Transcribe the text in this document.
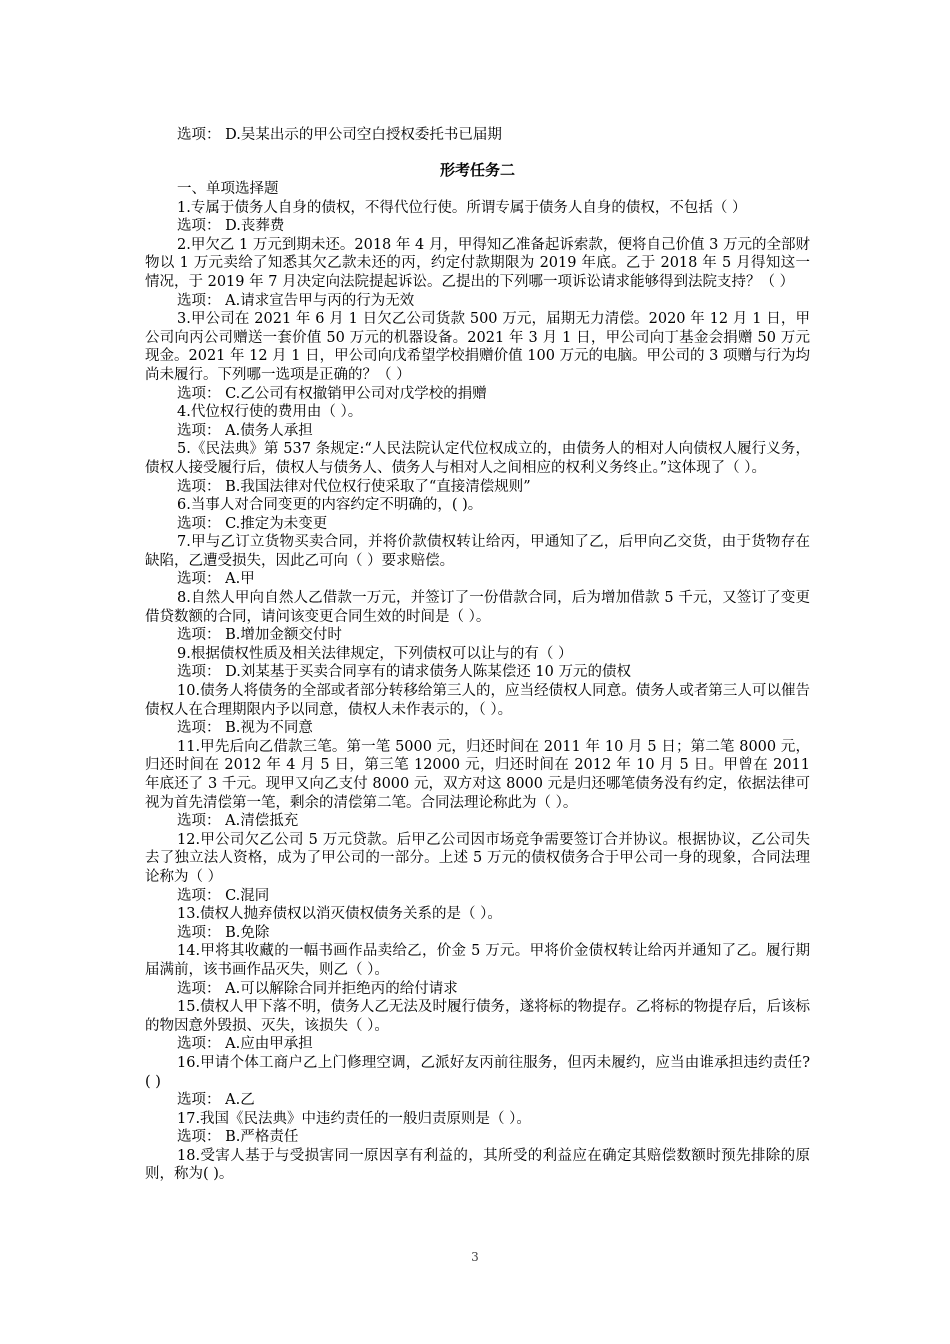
选项： D.吴某出示的甲公司空白授权委托书已届期

形考任务二

一、单项选择题

1.专属于债务人自身的债权，不得代位行使。所谓专属于债务人自身的债权，不包括（ ）

选项： D.丧葬费

2.甲欠乙 1 万元到期未还。2018 年 4 月，甲得知乙准备起诉索款，便将自己价值 3 万元的全部财物以 1 万元卖给了知悉其欠乙款未还的丙，约定付款期限为 2019 年底。乙于 2018 年 5 月得知这一情况，于 2019 年 7 月决定向法院提起诉讼。乙提出的下列哪一项诉讼请求能够得到法院支持？（ ）

选项： A.请求宣告甲与丙的行为无效

3.甲公司在 2021 年 6 月 1 日欠乙公司货款 500 万元，届期无力清偿。2020 年 12 月 1 日，甲公司向丙公司赠送一套价值 50 万元的机器设备。2021 年 3 月 1 日，甲公司向丁基金会捐赠 50 万元现金。2021 年 12 月 1 日，甲公司向戊希望学校捐赠价值 100 万元的电脑。甲公司的 3 项赠与行为均尚未履行。下列哪一选项是正确的？（ ）

选项： C.乙公司有权撤销甲公司对戊学校的捐赠

4.代位权行使的费用由（ ）。

选项： A.债务人承担

5.《民法典》第 537 条规定:“人民法院认定代位权成立的，由债务人的相对人向债权人履行义务，债权人接受履行后，债权人与债务人、债务人与相对人之间相应的权利义务终止。”这体现了（ ）。

选项： B.我国法律对代位权行使采取了“直接清偿规则”

6.当事人对合同变更的内容约定不明确的，( )。

选项： C.推定为未变更

7.甲与乙订立货物买卖合同，并将价款债权转让给丙，甲通知了乙，后甲向乙交货，由于货物存在缺陷，乙遭受损失，因此乙可向（ ）要求赔偿。

选项： A.甲

8.自然人甲向自然人乙借款一万元，并签订了一份借款合同，后为增加借款 5 千元，又签订了变更借贷数额的合同，请问该变更合同生效的时间是（ ）。

选项： B.增加金额交付时

9.根据债权性质及相关法律规定，下列债权可以让与的有（ ）

选项： D.刘某基于买卖合同享有的请求债务人陈某偿还 10 万元的债权

10.债务人将债务的全部或者部分转移给第三人的，应当经债权人同意。债务人或者第三人可以催告债权人在合理期限内予以同意，债权人未作表示的，（ ）。

选项： B.视为不同意

11.甲先后向乙借款三笔。第一笔 5000 元，归还时间在 2011 年 10 月 5 日；第二笔 8000 元，归还时间在 2012 年 4 月 5 日，第三笔 12000 元，归还时间在 2012 年 10 月 5 日。甲曾在 2011 年底还了 3 千元。现甲又向乙支付 8000 元，双方对这 8000 元是归还哪笔债务没有约定，依据法律可视为首先清偿第一笔，剩余的清偿第二笔。合同法理论称此为（ ）。

选项： A.清偿抵充

12.甲公司欠乙公司 5 万元贷款。后甲乙公司因市场竞争需要签订合并协议。根据协议，乙公司失去了独立法人资格，成为了甲公司的一部分。上述 5 万元的债权债务合于甲公司一身的现象，合同法理论称为（ ）

选项： C.混同

13.债权人抛弃债权以消灭债权债务关系的是（ ）。

选项： B.免除

14.甲将其收藏的一幅书画作品卖给乙，价金 5 万元。甲将价金债权转让给丙并通知了乙。履行期届满前，该书画作品灭失，则乙（ ）。

选项： A.可以解除合同并拒绝丙的给付请求

15.债权人甲下落不明，债务人乙无法及时履行债务，遂将标的物提存。乙将标的物提存后，后该标的物因意外毁损、灭失，该损失（ ）。

选项： A.应由甲承担

16.甲请个体工商户乙上门修理空调，乙派好友丙前往服务，但丙未履约，应当由谁承担违约责任? ( )

选项： A.乙

17.我国《民法典》中违约责任的一般归责原则是（ ）。

选项： B.严格责任

18.受害人基于与受损害同一原因享有利益的，其所受的利益应在确定其赔偿数额时预先排除的原则，称为( )。

3
